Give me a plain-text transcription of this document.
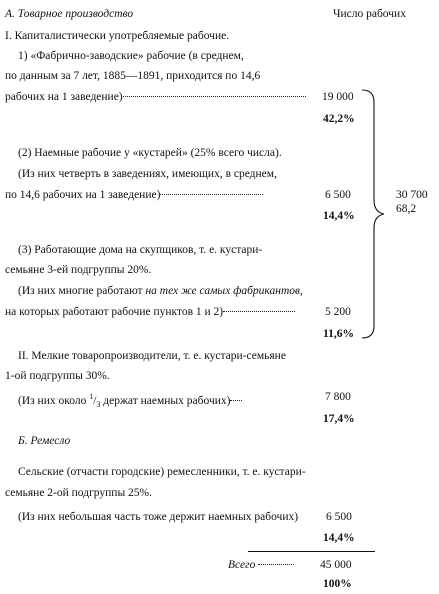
А. Товарное производство	Число рабочих
I. Капиталистически употребляемые рабочие.
1) «Фабрично-заводские» рабочие (в среднем,
по данным за 7 лет, 1885—1891, приходится по 14,6
рабочих на 1 заведение)	19 000
42,2%
(2) Наемные рабочие у «кустарей» (25% всего числа).
(Из них четверть в заведениях, имеющих, в среднем,
по 14,6 рабочих на 1 заведение)	6 500
14,4%
(3) Работающие дома на скупщиков, т. е. кустари-
семьяне 3-ей подгруппы 20%.
(Из них многие работают на тех же самых фабрикантов,
на которых работают рабочие пунктов 1 и 2)	5 200
11,6%
30 700
68,2
II. Мелкие товаропроизводители, т. е. кустари-семьяне
1-ой подгруппы 30%.
(Из них около $^1/_3$ держат наемных рабочих)	7 800
17,4%
Б. Ремесло
Сельские (отчасти городские) ремесленники, т. е. кустари-
семьяне 2-ой подгруппы 25%.
(Из них небольшая часть тоже держит наемных рабочих) 6 500
14,4%
Всего	45 000
100%
